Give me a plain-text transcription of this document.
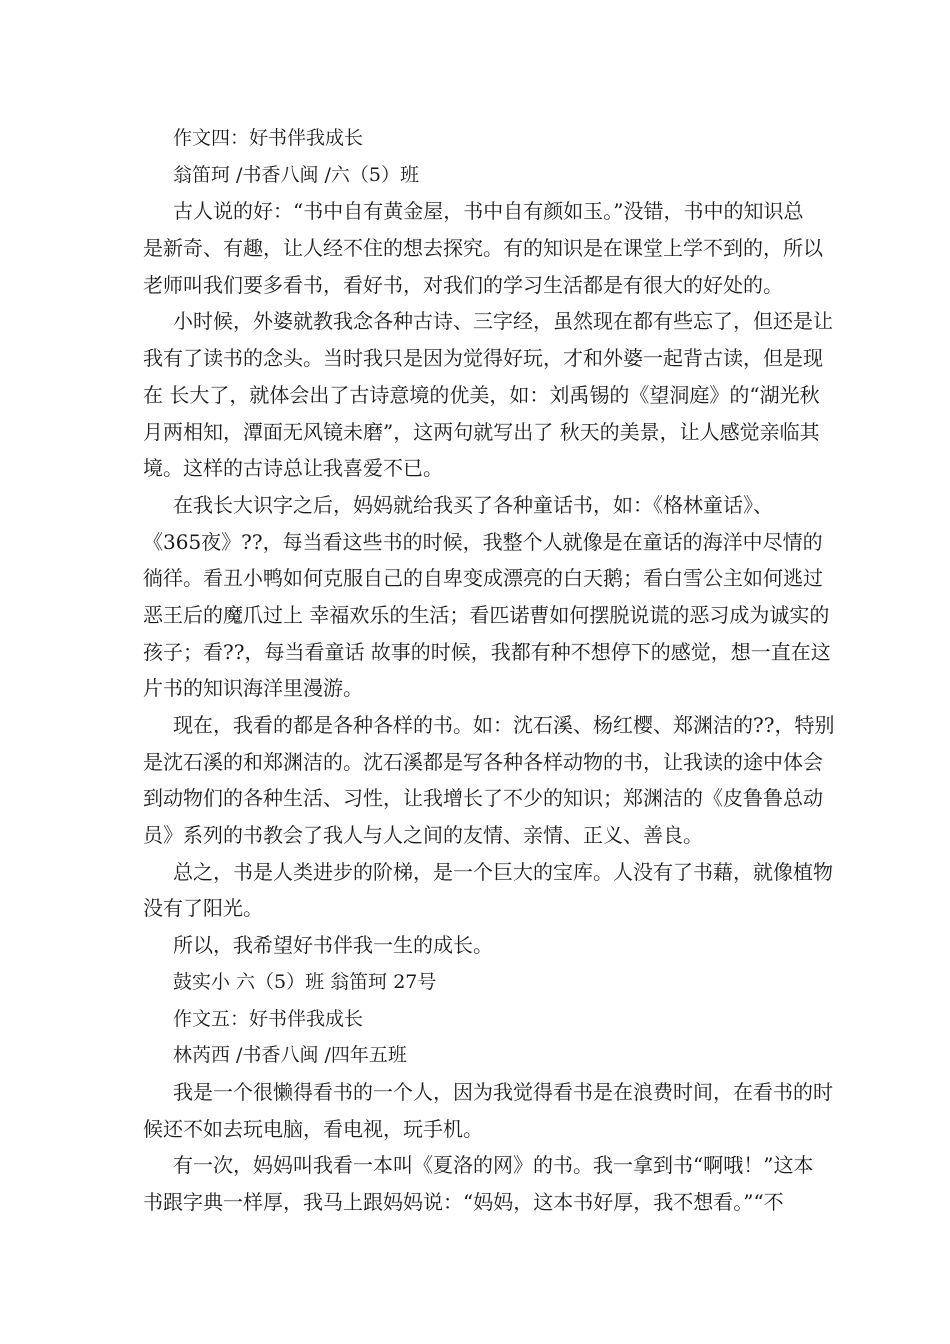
作文四：好书伴我成长
翁笛珂 /书香八闽 /六（5）班
古人说的好：“书中自有黄金屋，书中自有颜如玉。”没错，书中的知识总
是新奇、有趣，让人经不住的想去探究。有的知识是在课堂上学不到的，所以
老师叫我们要多看书，看好书，对我们的学习生活都是有很大的好处的。
小时候，外婆就教我念各种古诗、三字经，虽然现在都有些忘了，但还是让
我有了读书的念头。当时我只是因为觉得好玩，才和外婆一起背古读，但是现
在 长大了，就体会出了古诗意境的优美，如：刘禹锡的《望洞庭》的“湖光秋
月两相知，潭面无风镜未磨”，这两句就写出了 秋天的美景，让人感觉亲临其
境。这样的古诗总让我喜爱不已。
在我长大识字之后，妈妈就给我买了各种童话书，如：《格林童话》、
《365夜》??，每当看这些书的时候，我整个人就像是在童话的海洋中尽情的
徜徉。看丑小鸭如何克服自己的自卑变成漂亮的白天鹅；看白雪公主如何逃过
恶王后的魔爪过上 幸福欢乐的生活；看匹诺曹如何摆脱说谎的恶习成为诚实的
孩子；看??，每当看童话 故事的时候，我都有种不想停下的感觉，想一直在这
片书的知识海洋里漫游。
现在，我看的都是各种各样的书。如：沈石溪、杨红樱、郑渊洁的??，特别
是沈石溪的和郑渊洁的。沈石溪都是写各种各样动物的书，让我读的途中体会
到动物们的各种生活、习性，让我增长了不少的知识；郑渊洁的《皮鲁鲁总动
员》系列的书教会了我人与人之间的友情、亲情、正义、善良。
总之，书是人类进步的阶梯，是一个巨大的宝库。人没有了书藉，就像植物
没有了阳光。
所以，我希望好书伴我一生的成长。
鼓实小 六（5）班 翁笛珂 27号
作文五：好书伴我成长
林芮西 /书香八闽 /四年五班
我是一个很懒得看书的一个人，因为我觉得看书是在浪费时间，在看书的时
候还不如去玩电脑，看电视，玩手机。
有一次，妈妈叫我看一本叫《夏洛的网》的书。我一拿到书“啊哦！”这本
书跟字典一样厚，我马上跟妈妈说：“妈妈，这本书好厚，我不想看。”“不
